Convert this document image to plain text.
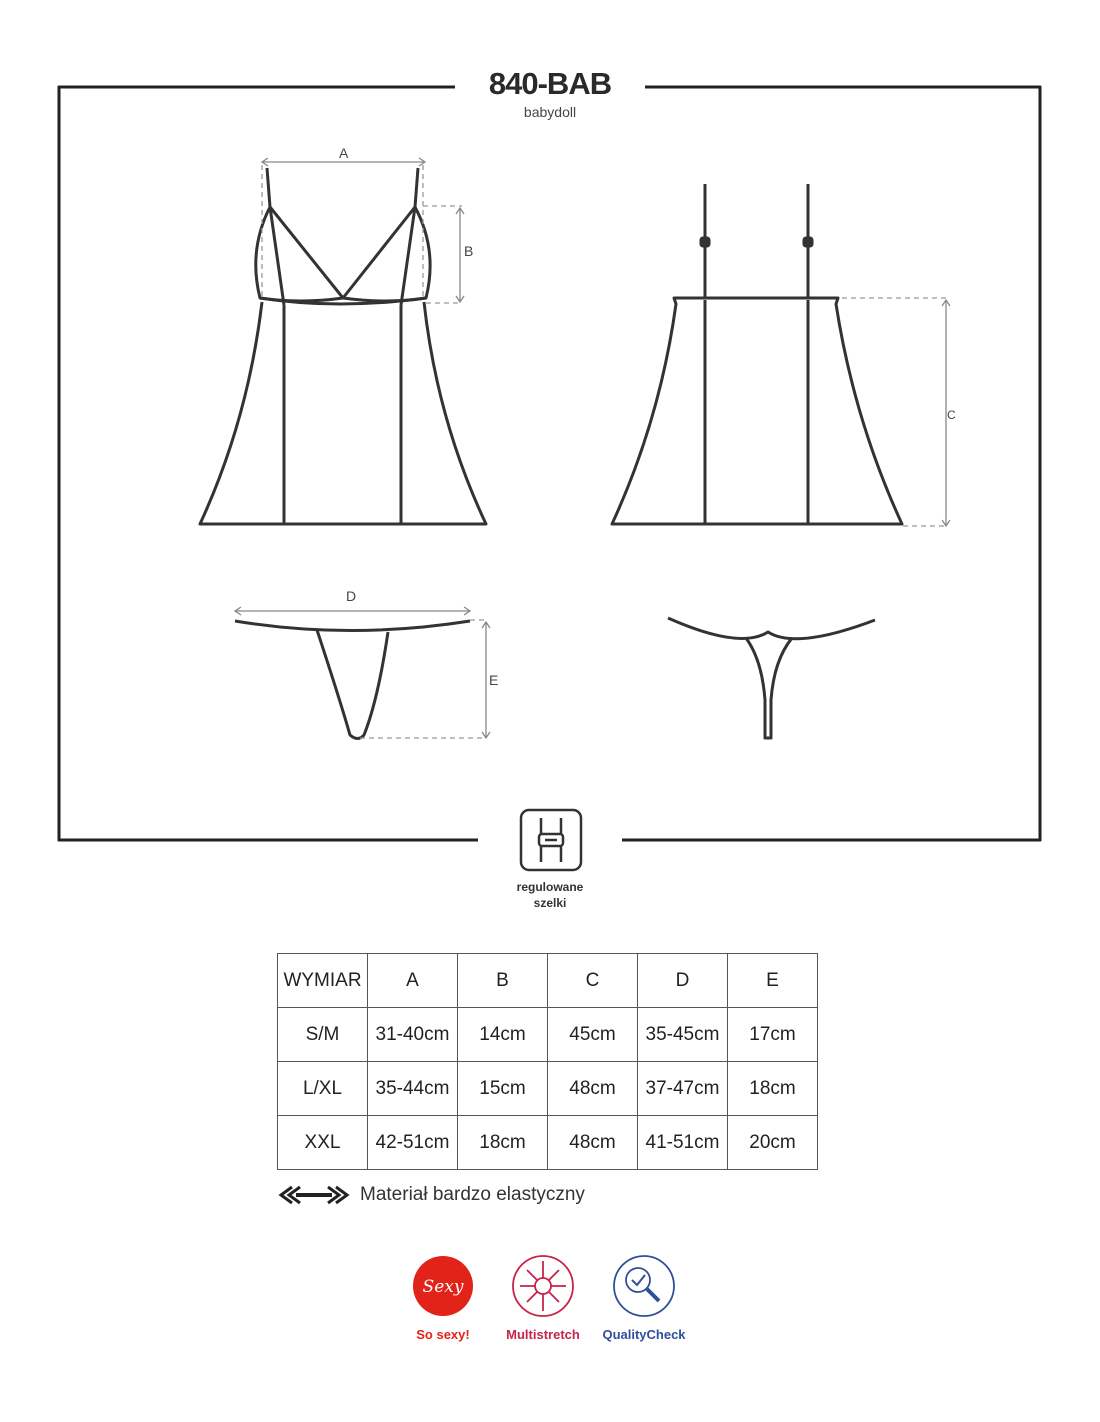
Sexy
840-BAB
babydoll
A
B
C
D
E
regulowane
szelki
WYMIAR	A	B	C	D	E
S/M	31-40cm	14cm	45cm	35-45cm	17cm
L/XL	35-44cm	15cm	48cm	37-47cm	18cm
XXL	42-51cm	18cm	48cm	41-51cm	20cm
Materiał bardzo elastyczny
So sexy!	Multistretch	QualityCheck
